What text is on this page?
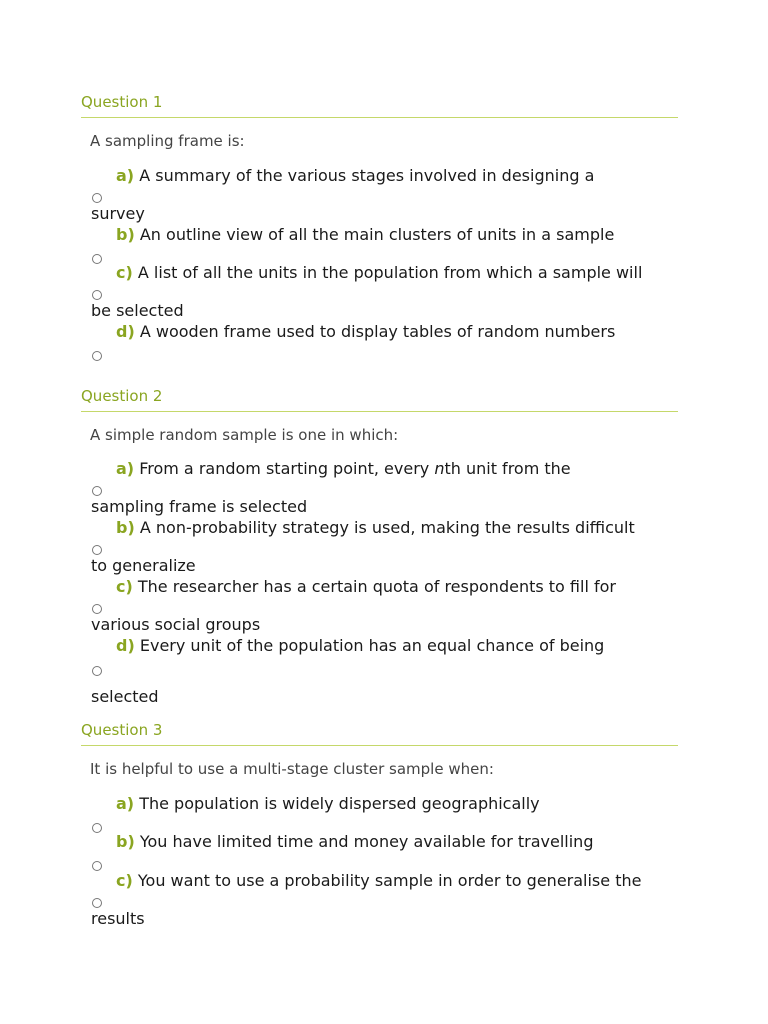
Question 1
A sampling frame is:
a) A summary of the various stages involved in designing a
survey
b) An outline view of all the main clusters of units in a sample
c) A list of all the units in the population from which a sample will
be selected
d) A wooden frame used to display tables of random numbers
Question 2
A simple random sample is one in which:
a) From a random starting point, every nth unit from the
sampling frame is selected
b) A non-probability strategy is used, making the results difficult
to generalize
c) The researcher has a certain quota of respondents to fill for
various social groups
d) Every unit of the population has an equal chance of being
selected
Question 3
It is helpful to use a multi-stage cluster sample when:
a) The population is widely dispersed geographically
b) You have limited time and money available for travelling
c) You want to use a probability sample in order to generalise the
results
